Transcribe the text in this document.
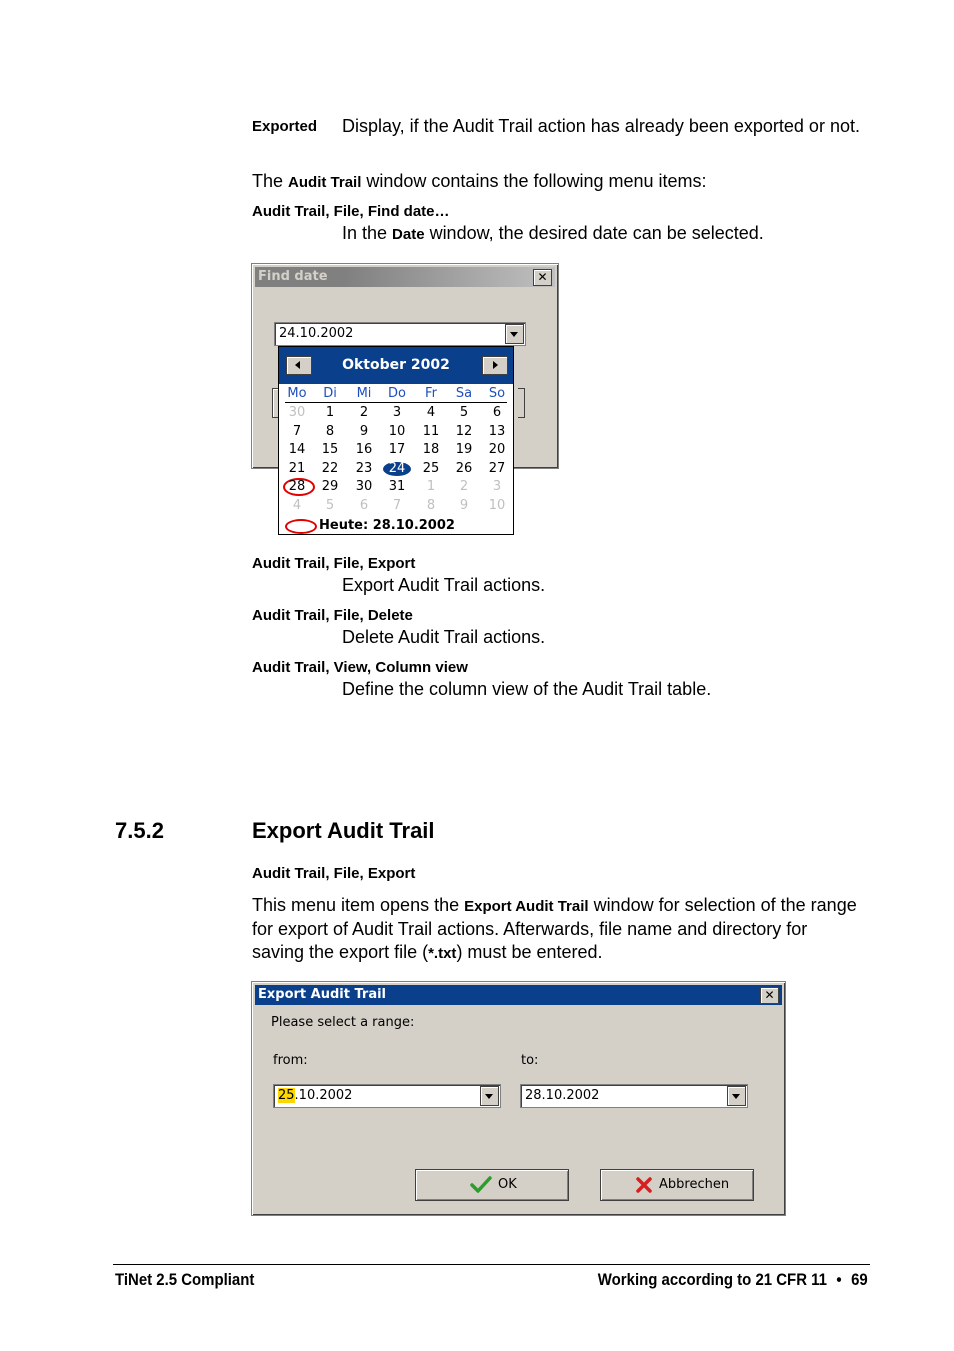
Exported Display, if the Audit Trail action has already been exported or not.
The Audit Trail window contains the following menu items:
Audit Trail, File, Find date…
In the Date window, the desired date can be selected.
Find date	✕
24.10.2002
Oktober 2002
Mo	Di	Mi	Do	Fr	Sa	So
30	1	2	3	4	5	6
7	8	9	10	11	12	13
14	15	16	17	18	19	20
21	22	23	24	25	26	27
28	29	30	31	1	2	3
4	5	6	7	8	9	10
Heute: 28.10.2002
Audit Trail, File, Export
Export Audit Trail actions.
Audit Trail, File, Delete
Delete Audit Trail actions.
Audit Trail, View, Column view
Define the column view of the Audit Trail table.
7.5.2	Export Audit Trail
Audit Trail, File, Export
This menu item opens the Export Audit Trail window for selection of the range for export of Audit Trail actions. Afterwards, file name and directory for saving the export file (*.txt) must be entered.
Export Audit Trail	✕
Please select a range:
from:	to:
25.10.2002	28.10.2002
OK	Abbrechen
TiNet 2.5 Compliant	Working according to 21 CFR 11 • 69
